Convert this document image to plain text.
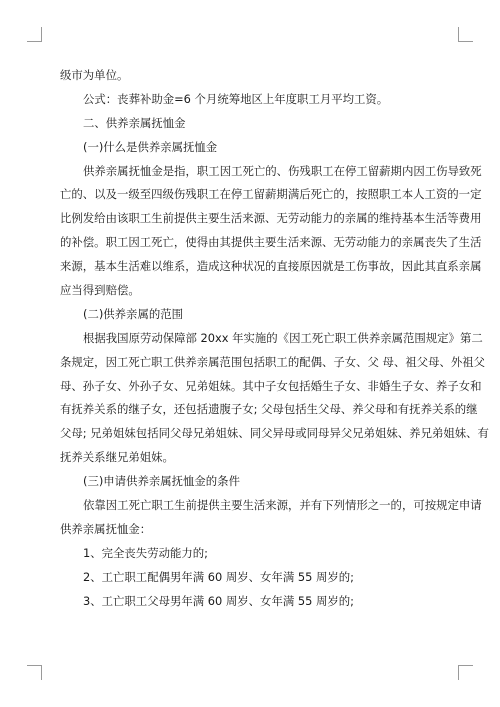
级市为单位。
公式：丧葬补助金=6 个月统筹地区上年度职工月平均工资。
二、供养亲属抚恤金
(一)什么是供养亲属抚恤金
供养亲属抚恤金是指，职工因工死亡的、伤残职工在停工留薪期内因工伤导致死
亡的、以及一级至四级伤残职工在停工留薪期满后死亡的，按照职工本人工资的一定
比例发给由该职工生前提供主要生活来源、无劳动能力的亲属的维持基本生活等费用
的补偿。职工因工死亡，使得由其提供主要生活来源、无劳动能力的亲属丧失了生活
来源，基本生活难以维系，造成这种状况的直接原因就是工伤事故，因此其直系亲属
应当得到赔偿。
(二)供养亲属的范围
根据我国原劳动保障部 20xx 年实施的《因工死亡职工供养亲属范围规定》第二
条规定，因工死亡职工供养亲属范围包括职工的配偶、子女、父 母、祖父母、外祖父
母、孙子女、外孙子女、兄弟姐妹。其中子女包括婚生子女、非婚生子女、养子女和
有抚养关系的继子女，还包括遗腹子女; 父母包括生父母、养父母和有抚养关系的继
父母; 兄弟姐妹包括同父母兄弟姐妹、同父异母或同母异父兄弟姐妹、养兄弟姐妹、有
抚养关系继兄弟姐妹。
(三)申请供养亲属抚恤金的条件
依靠因工死亡职工生前提供主要生活来源，并有下列情形之一的，可按规定申请
供养亲属抚恤金：
1、完全丧失劳动能力的;
2、工亡职工配偶男年满 60 周岁、女年满 55 周岁的;
3、工亡职工父母男年满 60 周岁、女年满 55 周岁的;
